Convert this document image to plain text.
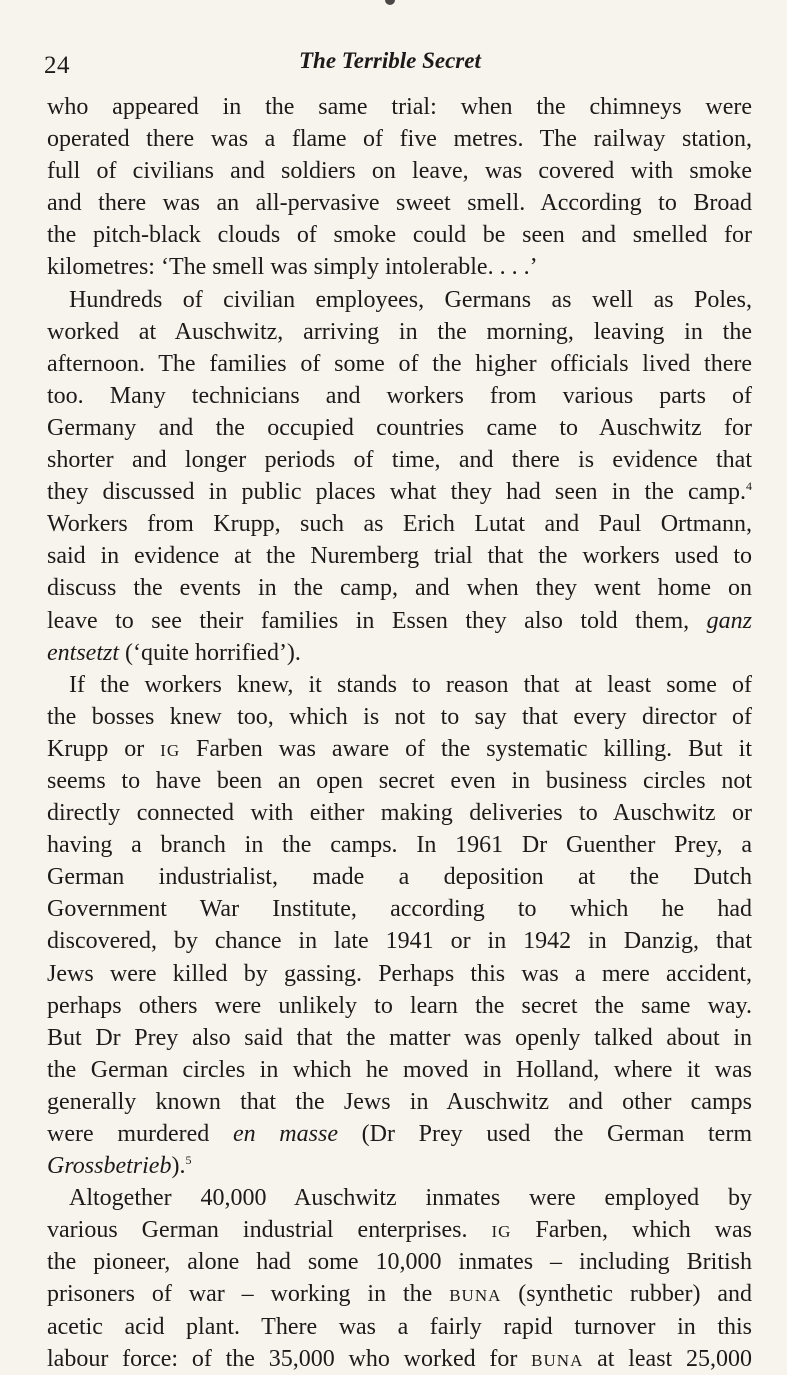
24	The Terrible Secret
who appeared in the same trial: when the chimneys were
operated there was a flame of five metres. The railway station,
full of civilians and soldiers on leave, was covered with smoke
and there was an all-pervasive sweet smell. According to Broad
the pitch-black clouds of smoke could be seen and smelled for
kilometres: ‘The smell was simply intolerable. . . .’
Hundreds of civilian employees, Germans as well as Poles,
worked at Auschwitz, arriving in the morning, leaving in the
afternoon. The families of some of the higher officials lived there
too. Many technicians and workers from various parts of
Germany and the occupied countries came to Auschwitz for
shorter and longer periods of time, and there is evidence that
they discussed in public places what they had seen in the camp.$^4$
Workers from Krupp, such as Erich Lutat and Paul Ortmann,
said in evidence at the Nuremberg trial that the workers used to
discuss the events in the camp, and when they went home on
leave to see their families in Essen they also told them, ganz
entsetzt (‘quite horrified’).
If the workers knew, it stands to reason that at least some of
the bosses knew too, which is not to say that every director of
Krupp or IG Farben was aware of the systematic killing. But it
seems to have been an open secret even in business circles not
directly connected with either making deliveries to Auschwitz or
having a branch in the camps. In 1961 Dr Guenther Prey, a
German industrialist, made a deposition at the Dutch
Government War Institute, according to which he had
discovered, by chance in late 1941 or in 1942 in Danzig, that
Jews were killed by gassing. Perhaps this was a mere accident,
perhaps others were unlikely to learn the secret the same way.
But Dr Prey also said that the matter was openly talked about in
the German circles in which he moved in Holland, where it was
generally known that the Jews in Auschwitz and other camps
were murdered en masse (Dr Prey used the German term
Grossbetrieb).$^5$
Altogether 40,000 Auschwitz inmates were employed by
various German industrial enterprises. IG Farben, which was
the pioneer, alone had some 10,000 inmates – including British
prisoners of war – working in the BUNA (synthetic rubber) and
acetic acid plant. There was a fairly rapid turnover in this
labour force: of the 35,000 who worked for BUNA at least 25,000
